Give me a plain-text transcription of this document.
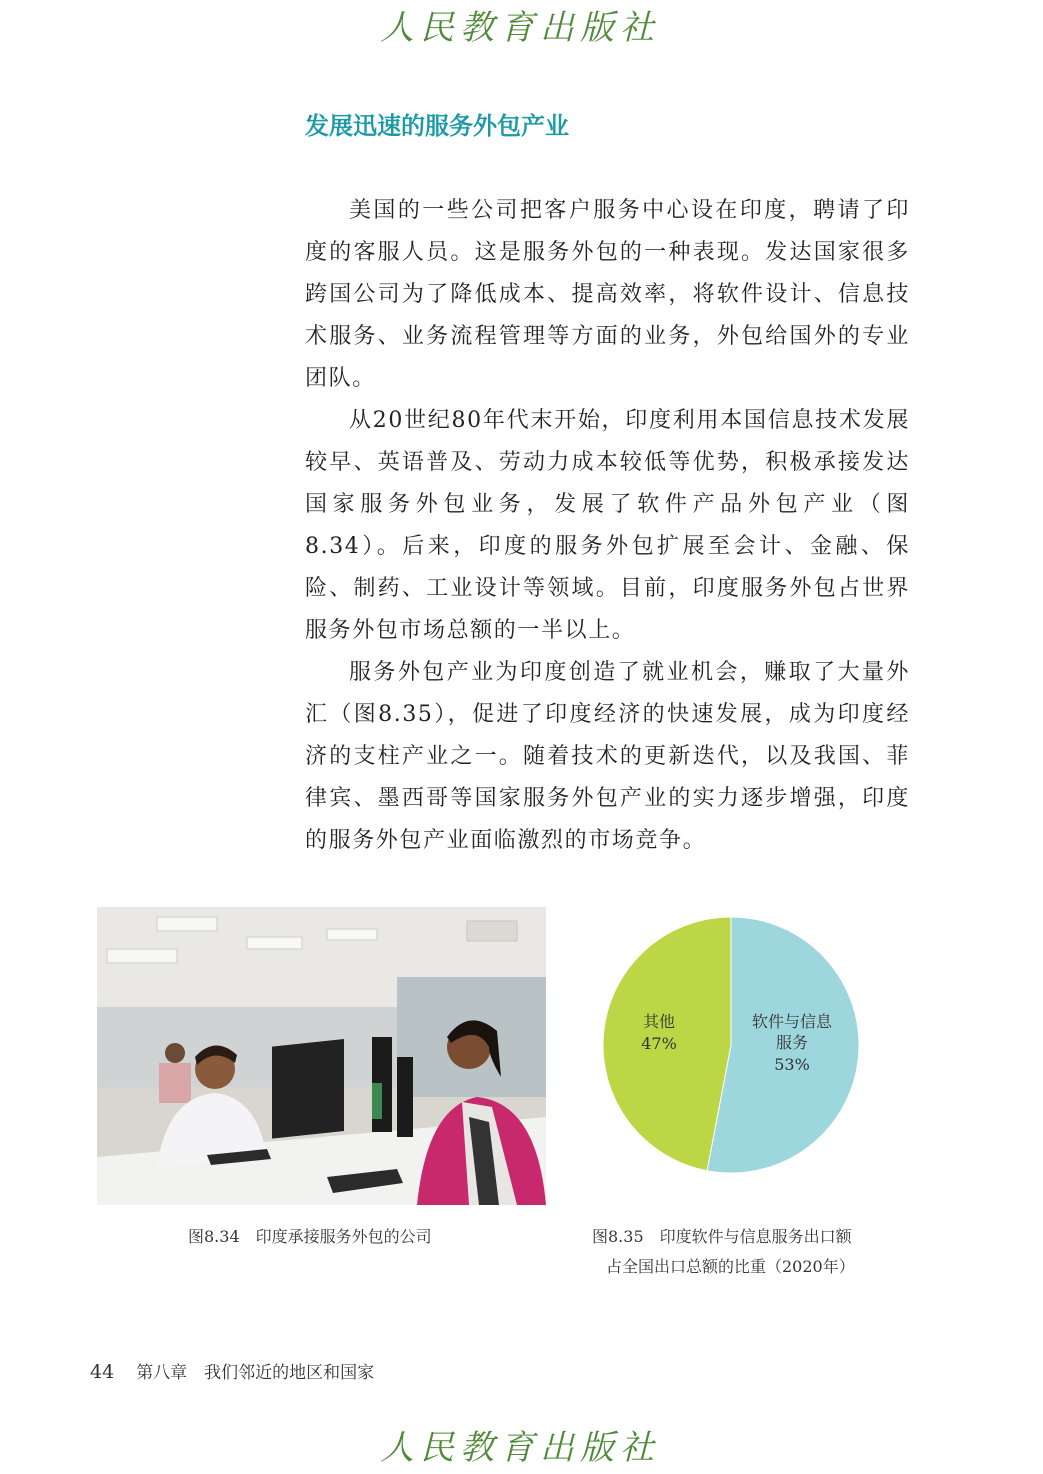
人民教育出版社
发展迅速的服务外包产业

美国的一些公司把客户服务中心设在印度，聘请了印度的客服人员。这是服务外包的一种表现。发达国家很多跨国公司为了降低成本、提高效率，将软件设计、信息技术服务、业务流程管理等方面的业务，外包给国外的专业团队。

从20世纪80年代末开始，印度利用本国信息技术发展较早、英语普及、劳动力成本较低等优势，积极承接发达国家服务外包业务，发展了软件产品外包产业（图8.34）。后来，印度的服务外包扩展至会计、金融、保险、制药、工业设计等领域。目前，印度服务外包占世界服务外包市场总额的一半以上。

服务外包产业为印度创造了就业机会，赚取了大量外汇（图8.35），促进了印度经济的快速发展，成为印度经济的支柱产业之一。随着技术的更新迭代，以及我国、菲律宾、墨西哥等国家服务外包产业的实力逐步增强，印度的服务外包产业面临激烈的市场竞争。

软件与信息
服务
53%
其他
47%
图8.34　印度承接服务外包的公司	图8.35　印度软件与信息服务出口额
占全国出口总额的比重（2020年）
44 第八章　我们邻近的地区和国家
人民教育出版社
